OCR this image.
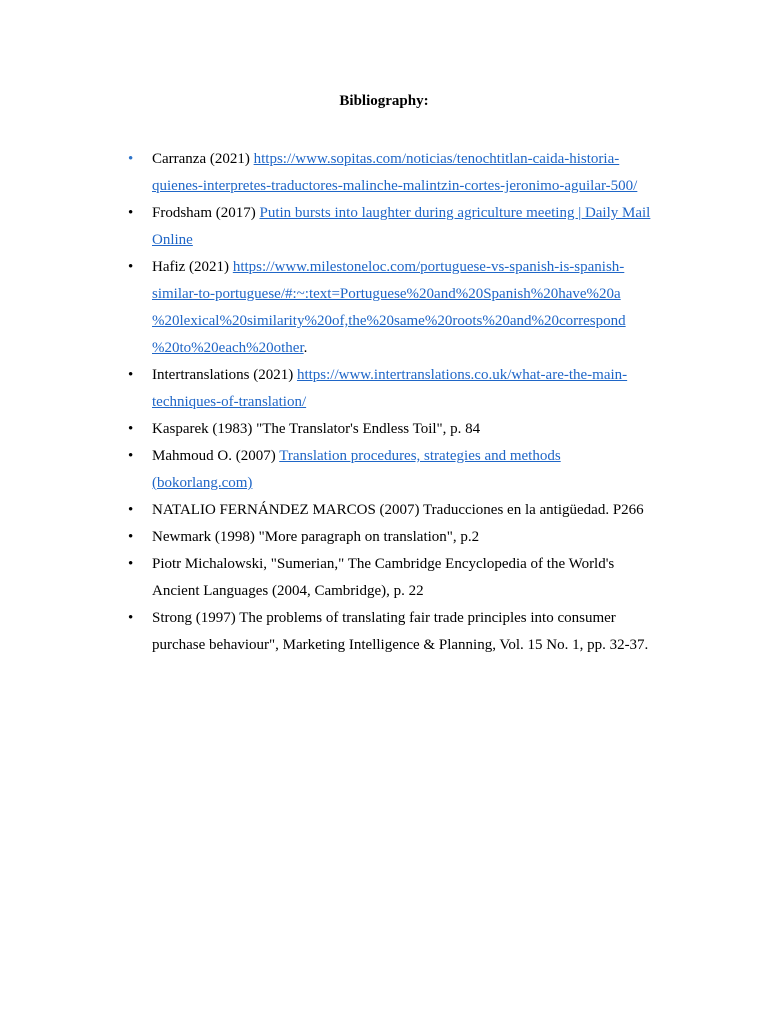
Bibliography:
•	Carranza (2021) https://www.sopitas.com/noticias/tenochtitlan-caida-historia-
quienes-interpretes-traductores-malinche-malintzin-cortes-jeronimo-aguilar-500/
•	Frodsham (2017) Putin bursts into laughter during agriculture meeting | Daily Mail
Online
•	Hafiz (2021) https://www.milestoneloc.com/portuguese-vs-spanish-is-spanish-
similar-to-portuguese/#:~:text=Portuguese%20and%20Spanish%20have%20a
%20lexical%20similarity%20of,the%20same%20roots%20and%20correspond
%20to%20each%20other.
•	Intertranslations (2021) https://www.intertranslations.co.uk/what-are-the-main-
techniques-of-translation/
•	Kasparek (1983) "The Translator's Endless Toil", p. 84
•	Mahmoud O. (2007) Translation procedures, strategies and methods
(bokorlang.com)
•	NATALIO FERNÁNDEZ MARCOS (2007) Traducciones en la antigüedad. P266
•	Newmark (1998) "More paragraph on translation", p.2
•	Piotr Michalowski, "Sumerian," The Cambridge Encyclopedia of the World's
Ancient Languages (2004, Cambridge), p. 22
•	Strong (1997) The problems of translating fair trade principles into consumer
purchase behaviour", Marketing Intelligence & Planning, Vol. 15 No. 1, pp. 32-37.
